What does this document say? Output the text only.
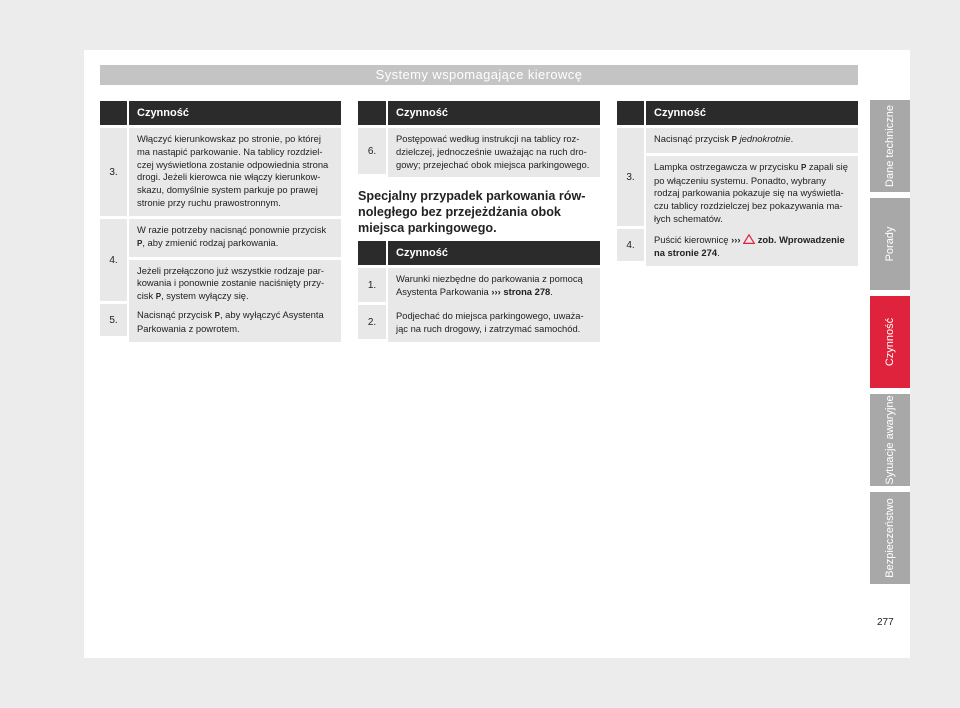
Systemy wspomagające kierowcę
Czynność
3.
Włączyć kierunkowskaz po stronie, po której ma nastąpić parkowanie. Na tablicy rozdziel-czej wyświetlona zostanie odpowiednia strona drogi. Jeżeli kierowca nie włączy kierunkow-skazu, domyślnie system parkuje po prawej stronie przy ruchu prawostronnym.
4.
W razie potrzeby nacisnąć ponownie przycisk P, aby zmienić rodzaj parkowania.
Jeżeli przełączono już wszystkie rodzaje par-kowania i ponownie zostanie naciśnięty przy-cisk P, system wyłączy się.
5.	Nacisnąć przycisk P, aby wyłączyć Asystenta Parkowania z powrotem.
Czynność
6.
Postępować według instrukcji na tablicy roz-dzielczej, jednocześnie uważając na ruch dro-gowy; przejechać obok miejsca parkingowego.
Specjalny przypadek parkowania rów-noległego bez przejeżdżania obok miejsca parkingowego.
Czynność
1.
Warunki niezbędne do parkowania z pomocą Asystenta Parkowania ››› strona 278.
2.
Podjechać do miejsca parkingowego, uważa-jąc na ruch drogowy, i zatrzymać samochód.
Czynność
3.
Nacisnąć przycisk P jednokrotnie.
Lampka ostrzegawcza w przycisku P zapali się po włączeniu systemu. Ponadto, wybrany rodzaj parkowania pokazuje się na wyświetla-czu tablicy rozdzielczej bez pokazywania ma-łych schematów.
4.	Puścić kierownicę ›››  zob. Wprowadzenie na stronie 274.
Dane techniczne
Porady
Czynność
Sytuacje awaryjne
Bezpieczeństwo
277
